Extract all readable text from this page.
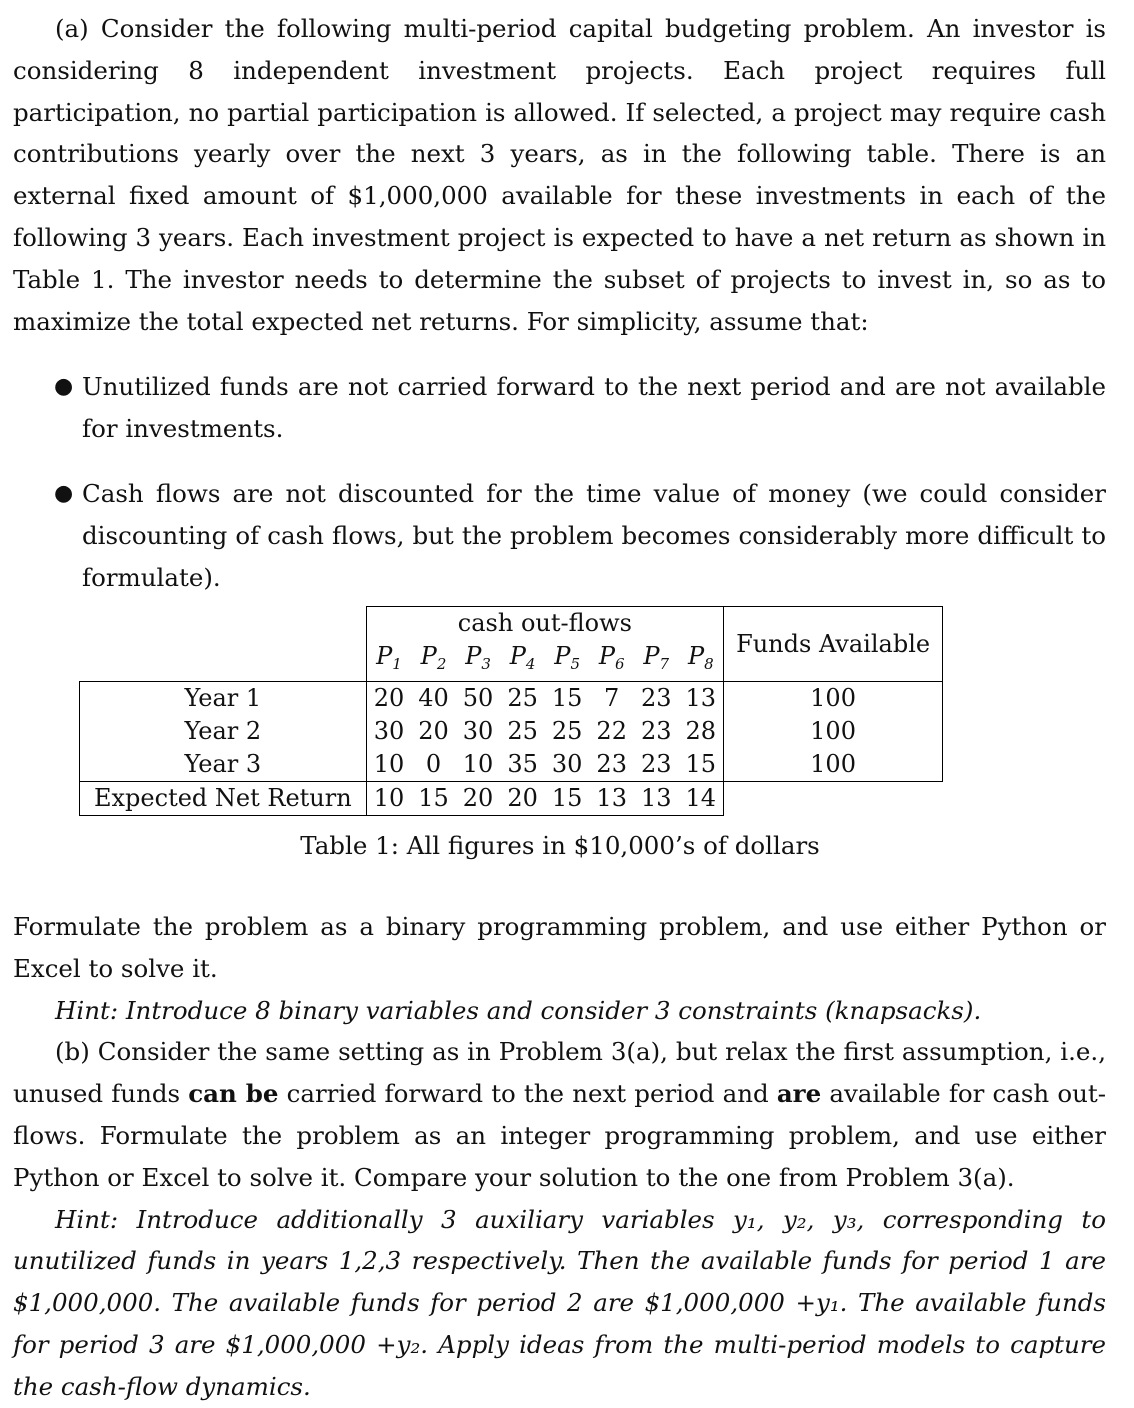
(a) Consider the following multi-period capital budgeting problem. An investor is considering 8 independent investment projects. Each project requires full participation, no partial participation is allowed. If selected, a project may require cash contributions yearly over the next 3 years, as in the following table. There is an external fixed amount of $1,000,000 available for these investments in each of the following 3 years. Each investment project is expected to have a net return as shown in Table 1. The investor needs to determine the subset of projects to invest in, so as to maximize the total expected net returns. For simplicity, assume that:

● Unutilized funds are not carried forward to the next period and are not available for investments.
● Cash flows are not discounted for the time value of money (we could consider discounting of cash flows, but the problem becomes considerably more difficult to formulate).
	cash out-flows								Funds Available
	$P_1$	$P_2$	$P_3$	$P_4$	$P_5$	$P_6$	$P_7$	$P_8$
Year 1	20	40	50	25	15	7	23	13	100
Year 2	30	20	30	25	25	22	23	28	100
Year 3	10	0	10	35	30	23	23	15	100
Expected Net Return	10	15	20	20	15	13	13	14	
Table 1: All figures in $10,000’s of dollars

Formulate the problem as a binary programming problem, and use either Python or Excel to solve it.

Hint: Introduce 8 binary variables and consider 3 constraints (knapsacks).

(b) Consider the same setting as in Problem 3(a), but relax the first assumption, i.e., unused funds can be carried forward to the next period and are available for cash out-flows. Formulate the problem as an integer programming problem, and use either Python or Excel to solve it. Compare your solution to the one from Problem 3(a).

Hint: Introduce additionally 3 auxiliary variables y₁, y₂, y₃, corresponding to unutilized funds in years 1,2,3 respectively. Then the available funds for period 1 are $1,000,000. The available funds for period 2 are $1,000,000 +y₁. The available funds for period 3 are $1,000,000 +y₂. Apply ideas from the multi-period models to capture the cash-flow dynamics.
